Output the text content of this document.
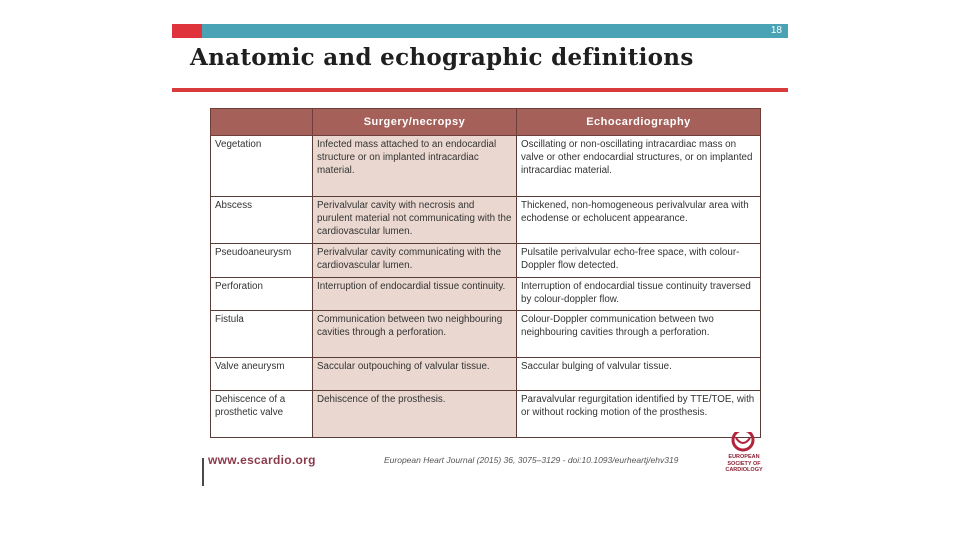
18
Anatomic and echographic definitions
	Surgery/necropsy	Echocardiography
Vegetation	Infected mass attached to an endocardial structure or on implanted intracardiac material.	Oscillating or non-oscillating intracardiac mass on valve or other endocardial structures, or on implanted intracardiac material.
Abscess	Perivalvular cavity with necrosis and purulent material not communicating with the cardiovascular lumen.	Thickened, non-homogeneous perivalvular area with echodense or echolucent appearance.
Pseudoaneurysm	Perivalvular cavity communicating with the cardiovascular lumen.	Pulsatile perivalvular echo-free space, with colour-Doppler flow detected.
Perforation	Interruption of endocardial tissue continuity.	Interruption of endocardial tissue continuity traversed by colour-doppler flow.
Fistula	Communication between two neighbouring cavities through a perforation.	Colour-Doppler communication between two neighbouring cavities through a perforation.
Valve aneurysm	Saccular outpouching of valvular tissue.	Saccular bulging of valvular tissue.
Dehiscence of a prosthetic valve	Dehiscence of the prosthesis.	Paravalvular regurgitation identified by TTE/TOE, with or without rocking motion of the prosthesis.
www.escardio.org	European Heart Journal (2015) 36, 3075–3129 - doi:10.1093/eurheartj/ehv319	EUROPEAN SOCIETY OF CARDIOLOGY
